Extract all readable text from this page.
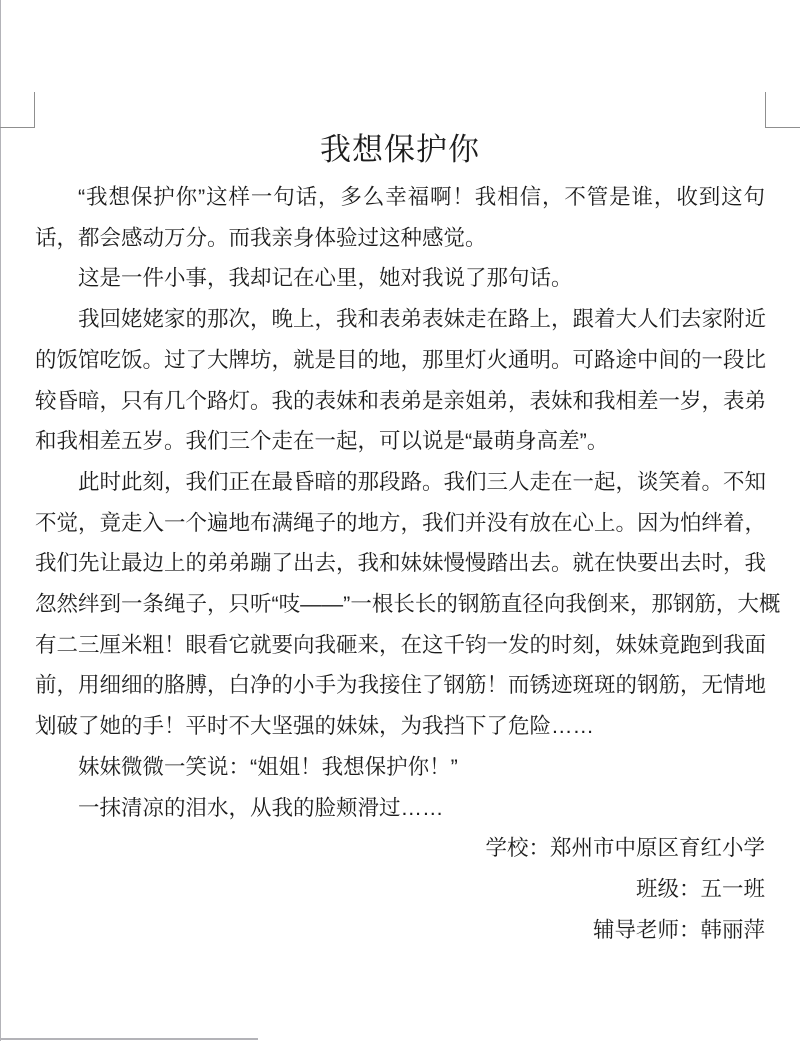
我想保护你
“我想保护你”这样一句话，多么幸福啊！我相信，不管是谁，收到这句
话，都会感动万分。而我亲身体验过这种感觉。
这是一件小事，我却记在心里，她对我说了那句话。
我回姥姥家的那次，晚上，我和表弟表妹走在路上，跟着大人们去家附近
的饭馆吃饭。过了大牌坊，就是目的地，那里灯火通明。可路途中间的一段比
较昏暗，只有几个路灯。我的表妹和表弟是亲姐弟，表妹和我相差一岁，表弟
和我相差五岁。我们三个走在一起，可以说是“最萌身高差”。
此时此刻，我们正在最昏暗的那段路。我们三人走在一起，谈笑着。不知
不觉，竟走入一个遍地布满绳子的地方，我们并没有放在心上。因为怕绊着，
我们先让最边上的弟弟蹦了出去，我和妹妹慢慢踏出去。就在快要出去时，我
忽然绊到一条绳子，只听“吱——”一根长长的钢筋直径向我倒来，那钢筋，大概
有二三厘米粗！眼看它就要向我砸来，在这千钧一发的时刻，妹妹竟跑到我面
前，用细细的胳膊，白净的小手为我接住了钢筋！而锈迹斑斑的钢筋，无情地
划破了她的手！平时不大坚强的妹妹，为我挡下了危险……
妹妹微微一笑说：“姐姐！我想保护你！”
一抹清凉的泪水，从我的脸颊滑过……
学校：郑州市中原区育红小学
班级：五一班
辅导老师：韩丽萍
